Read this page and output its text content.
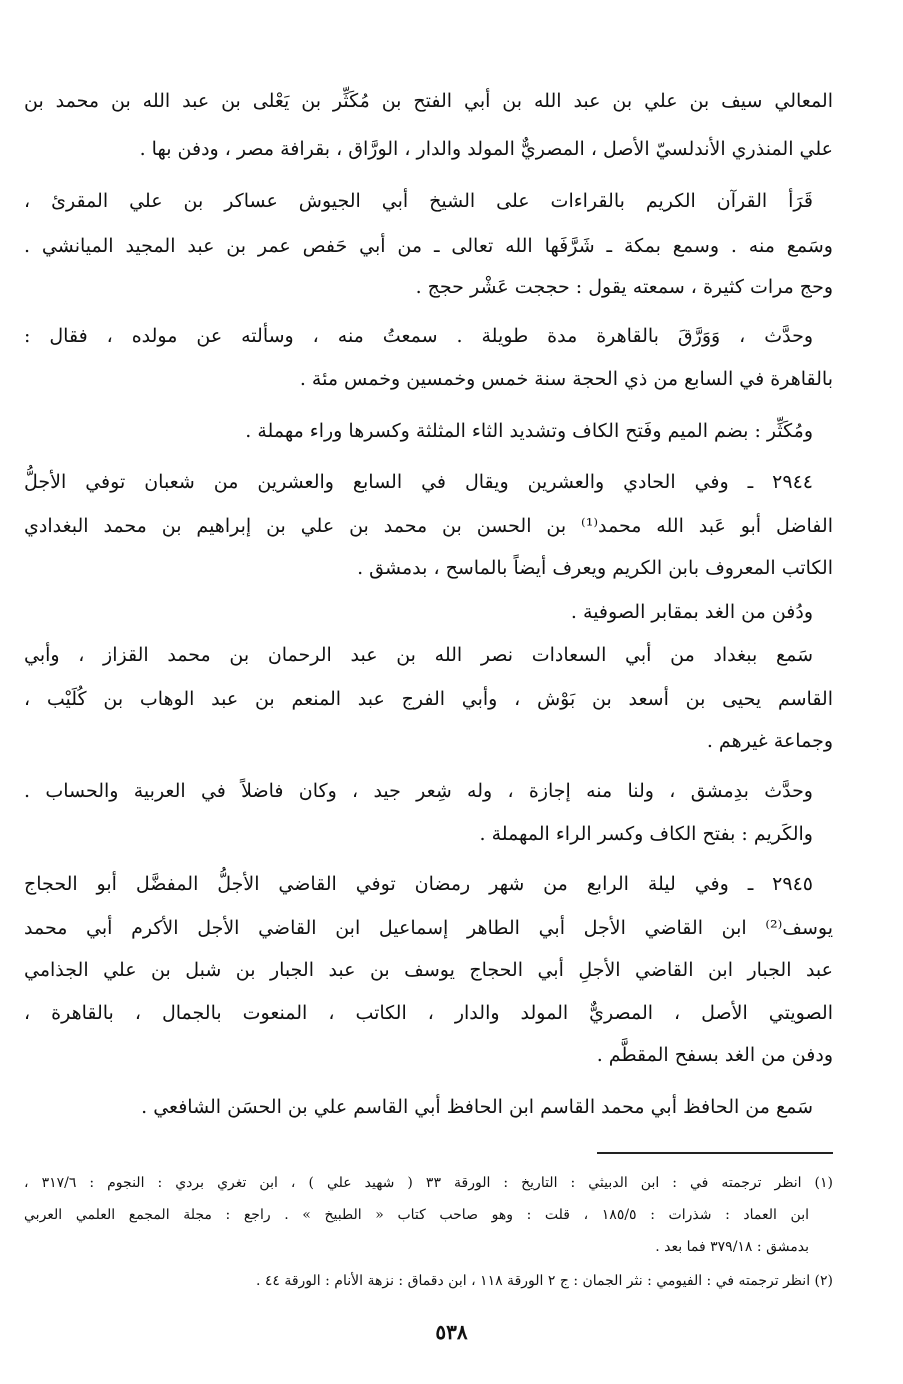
المعالي سيف بن علي بن عبد الله بن أبي الفتح بن مُكَثِّر بن يَعْلى بن عبد الله بن محمد بن
علي المنذري الأندلسيّ الأصل ، المصريٌّ المولد والدار ، الورَّاق ، بقرافة مصر ، ودفن بها .
قَرَأ القرآن الكريم بالقراءات على الشيخ أبي الجيوش عساكر بن علي المقرئ ،
وسَمع منه . وسمع بمكة ـ شَرَّفَها الله تعالى ـ من أبي حَفص عمر بن عبد المجيد الميانشي .
وحج مرات كثيرة ، سمعته يقول : حججت عَشْر حجج .
وحدَّث ، وَوَرَّقَ بالقاهرة مدة طويلة . سمعتُ منه ، وسألته عن مولده ، فقال :
بالقاهرة في السابع من ذي الحجة سنة خمس وخمسين وخمس مئة .
ومُكَثِّر : بضم الميم وفَتح الكاف وتشديد الثاء المثلثة وكسرها وراء مهملة .
٢٩٤٤ ـ وفي الحادي والعشرين ويقال في السابع والعشرين من شعبان توفي الأجلُّ
الفاضل أبو عَبد الله محمد⁽¹⁾ بن الحسن بن محمد بن علي بن إبراهيم بن محمد البغدادي
الكاتب المعروف بابن الكريم ويعرف أيضاً بالماسح ، بدمشق .
ودُفن من الغد بمقابر الصوفية .
سَمع ببغداد من أبي السعادات نصر الله بن عبد الرحمان بن محمد القزاز ، وأبي
القاسم يحيى بن أسعد بن بَوْش ، وأبي الفرج عبد المنعم بن عبد الوهاب بن كُلَيْب ،
وجماعة غيرهم .
وحدَّث بدِمشق ، ولنا منه إجازة ، وله شِعر جيد ، وكان فاضلاً في العربية والحساب .
والكَريم : بفتح الكاف وكسر الراء المهملة .
٢٩٤٥ ـ وفي ليلة الرابع من شهر رمضان توفي القاضي الأجلُّ المفضَّل أبو الحجاج
يوسف⁽²⁾ ابن القاضي الأجل أبي الطاهر إسماعيل ابن القاضي الأجل الأكرم أبي محمد
عبد الجبار ابن القاضي الأجلِ أبي الحجاج يوسف بن عبد الجبار بن شبل بن علي الجذامي
الصويتي الأصل ، المصريٌّ المولد والدار ، الكاتب ، المنعوت بالجمال ، بالقاهرة ،
ودفن من الغد بسفح المقطَّم .
سَمع من الحافظ أبي محمد القاسم ابن الحافظ أبي القاسم علي بن الحسَن الشافعي .
(١) انظر ترجمته في : ابن الدبيثي : التاريخ : الورقة ٣٣ ( شهيد علي ) ، ابن تغري بردي : النجوم : ٣١٧/٦ ،
ابن العماد : شذرات : ١٨٥/٥ ، قلت : وهو صاحب كتاب « الطبيخ » . راجع : مجلة المجمع العلمي العربي
بدمشق : ٣٧٩/١٨ فما بعد .
(٢) انظر ترجمته في : الفيومي : نثر الجمان : ج ٢ الورقة ١١٨ ، ابن دقماق : نزهة الأنام : الورقة ٤٤ .
٥٣٨
